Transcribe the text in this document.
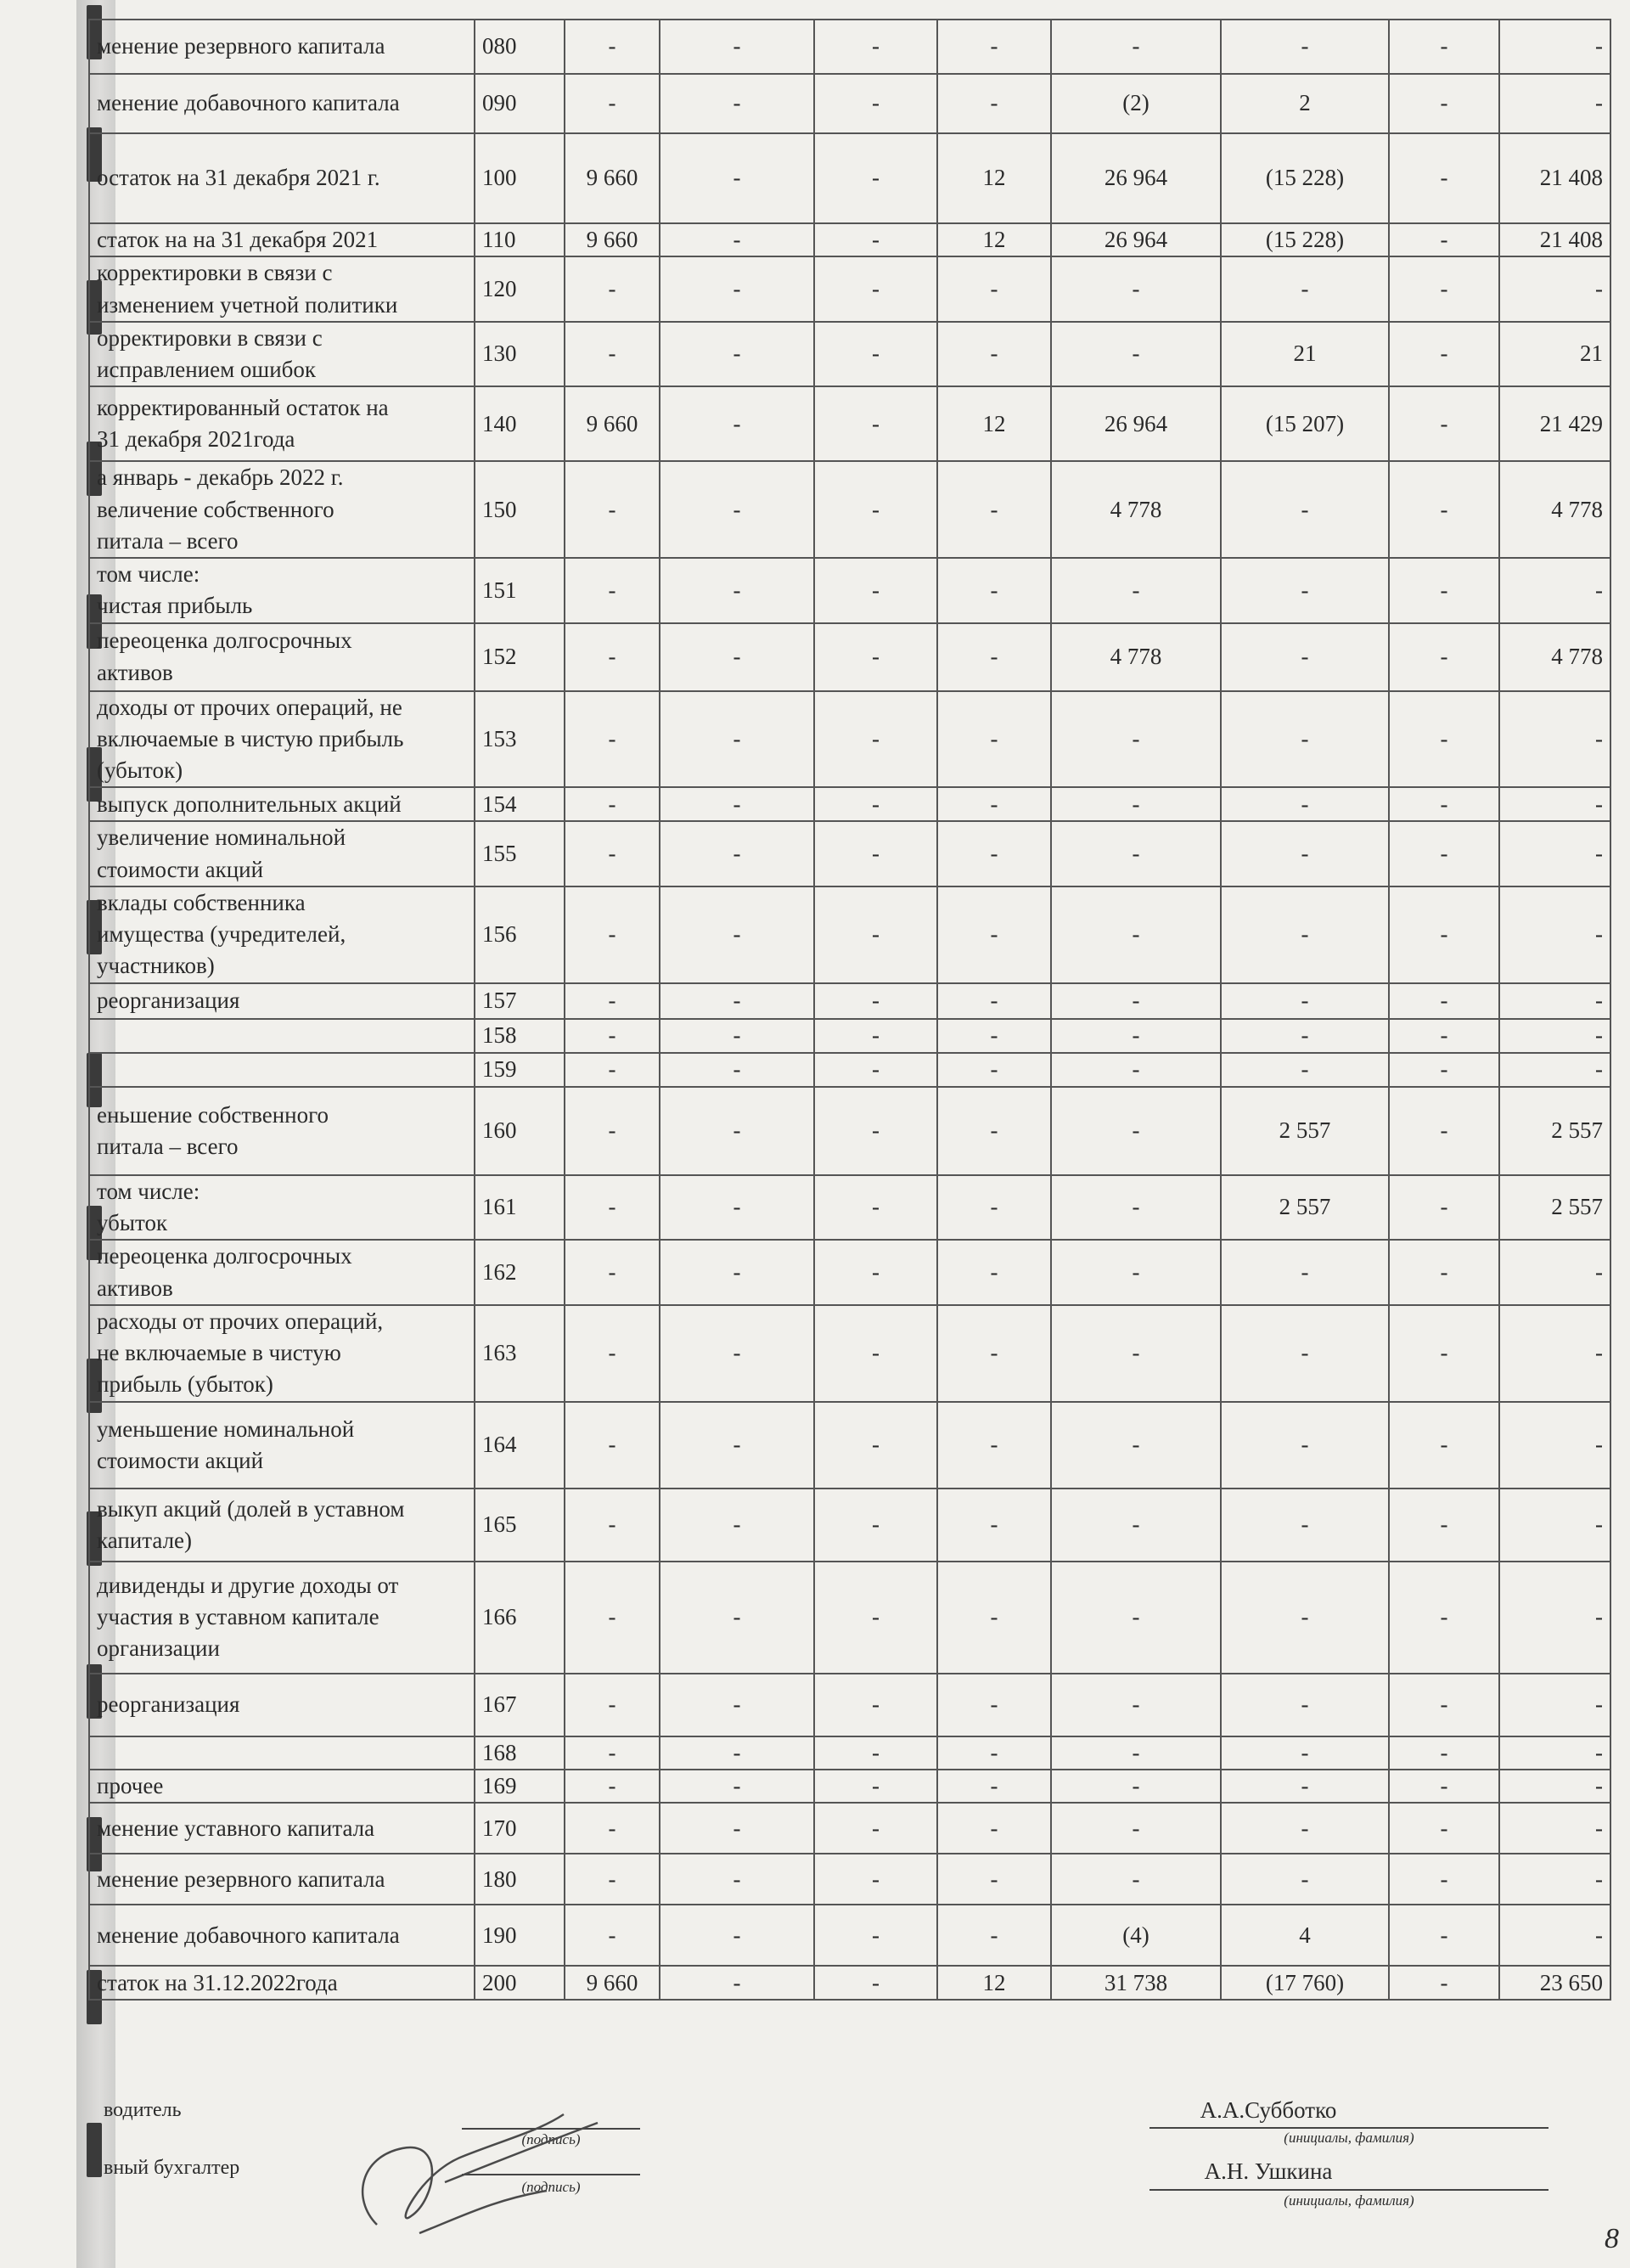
менение резервного капитала	080	-	-	-	-	-	-	-	-

менение добавочного капитала	090	-	-	-	-	(2)	2	-	-

остаток на 31 декабря 2021 г.	100	9 660	-	-	12	26 964	(15 228)	-	21 408

статок на на 31 декабря 2021	110	9 660	-	-	12	26 964	(15 228)	-	21 408

корректировки в связи с
изменением учетной политики	120	-	-	-	-	-	-	-	-

орректировки в связи с
исправлением ошибок	130	-	-	-	-	-	21	-	21

корректированный остаток на
31 декабря 2021года	140	9 660	-	-	12	26 964	(15 207)	-	21 429

а январь - декабрь 2022 г.
величение собственного
питала – всего	150	-	-	-	-	4 778	-	-	4 778

том числе:
чистая прибыль	151	-	-	-	-	-	-	-	-

переоценка долгосрочных
активов	152	-	-	-	-	4 778	-	-	4 778

доходы от прочих операций, не
включаемые в чистую прибыль
(убыток)	153	-	-	-	-	-	-	-	-

выпуск дополнительных акций	154	-	-	-	-	-	-	-	-

увеличение номинальной
стоимости акций	155	-	-	-	-	-	-	-	-

вклады собственника
имущества (учредителей,
участников)	156	-	-	-	-	-	-	-	-

реорганизация	157	-	-	-	-	-	-	-	-

	158	-	-	-	-	-	-	-	-

	159	-	-	-	-	-	-	-	-

еньшение собственного
питала – всего	160	-	-	-	-	-	2 557	-	2 557

том числе:
убыток	161	-	-	-	-	-	2 557	-	2 557

переоценка долгосрочных
активов	162	-	-	-	-	-	-	-	-

расходы от прочих операций,
не включаемые в чистую
прибыль (убыток)	163	-	-	-	-	-	-	-	-

уменьшение номинальной
стоимости акций	164	-	-	-	-	-	-	-	-

выкуп акций (долей в уставном
капитале)	165	-	-	-	-	-	-	-	-

дивиденды и другие доходы от
участия в уставном капитале
организации	166	-	-	-	-	-	-	-	-

реорганизация	167	-	-	-	-	-	-	-	-

	168	-	-	-	-	-	-	-	-

прочее	169	-	-	-	-	-	-	-	-

менение уставного капитала	170	-	-	-	-	-	-	-	-

менение резервного капитала	180	-	-	-	-	-	-	-	-

менение добавочного капитала	190	-	-	-	-	(4)	4	-	-

статок на 31.12.2022года	200	9 660	-	-	12	31 738	(17 760)	-	23 650
водитель
(подпись)
вный бухгалтер
(подпись)
А.А.Субботко
(инициалы, фамилия)
А.Н. Ушкина
(инициалы, фамилия)
8
